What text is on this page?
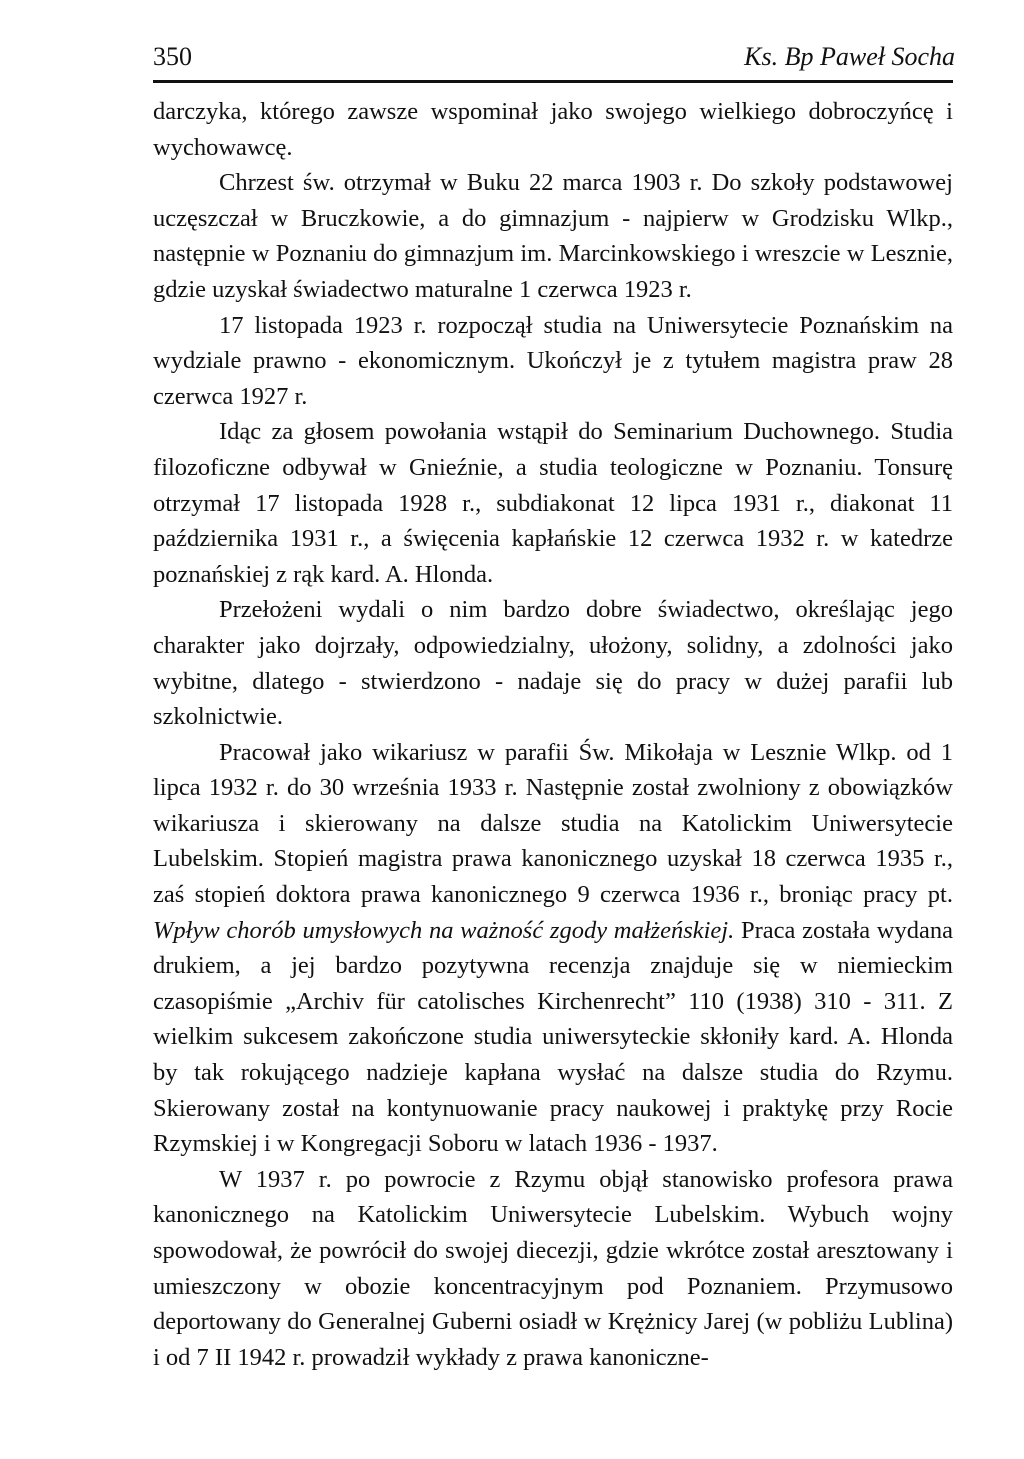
350	Ks. Bp Paweł Socha

darczyka, którego zawsze wspominał jako swojego wielkiego dobroczyńcę i wychowawcę.

Chrzest św. otrzymał w Buku 22 marca 1903 r. Do szkoły podstawowej uczęszczał w Bruczkowie, a do gimnazjum - najpierw w Grodzisku Wlkp., następnie w Poznaniu do gimnazjum im. Marcinkowskiego i wreszcie w Lesznie, gdzie uzyskał świadectwo maturalne 1 czerwca 1923 r.

17 listopada 1923 r. rozpoczął studia na Uniwersytecie Poznańskim na wydziale prawno - ekonomicznym. Ukończył je z tytułem magistra praw 28 czerwca 1927 r.

Idąc za głosem powołania wstąpił do Seminarium Duchownego. Studia filozoficzne odbywał w Gnieźnie, a studia teologiczne w Poznaniu. Tonsurę otrzymał 17 listopada 1928 r., subdiakonat 12 lipca 1931 r., diakonat 11 października 1931 r., a święcenia kapłańskie 12 czerwca 1932 r. w katedrze poznańskiej z rąk kard. A. Hlonda.

Przełożeni wydali o nim bardzo dobre świadectwo, określając jego charakter jako dojrzały, odpowiedzialny, ułożony, solidny, a zdolności jako wybitne, dlatego - stwierdzono - nadaje się do pracy w dużej parafii lub szkolnictwie.

Pracował jako wikariusz w parafii Św. Mikołaja w Lesznie Wlkp. od 1 lipca 1932 r. do 30 września 1933 r. Następnie został zwolniony z obowiązków wikariusza i skierowany na dalsze studia na Katolickim Uniwersytecie Lubelskim. Stopień magistra prawa kanonicznego uzyskał 18 czerwca 1935 r., zaś stopień doktora prawa kanonicznego 9 czerwca 1936 r., broniąc pracy pt. Wpływ chorób umysłowych na ważność zgody małżeńskiej. Praca została wydana drukiem, a jej bardzo pozytywna recenzja znajduje się w niemieckim czasopiśmie „Archiv für catolisches Kirchenrecht” 110 (1938) 310 - 311. Z wielkim sukcesem zakończone studia uniwersyteckie skłoniły kard. A. Hlonda by tak rokującego nadzieje kapłana wysłać na dalsze studia do Rzymu. Skierowany został na kontynuowanie pracy naukowej i praktykę przy Rocie Rzymskiej i w Kongregacji Soboru w latach 1936 - 1937.

W 1937 r. po powrocie z Rzymu objął stanowisko profesora prawa kanonicznego na Katolickim Uniwersytecie Lubelskim. Wybuch wojny spowodował, że powrócił do swojej diecezji, gdzie wkrótce został aresztowany i umieszczony w obozie koncentracyjnym pod Poznaniem. Przymusowo deportowany do Generalnej Guberni osiadł w Krężnicy Jarej (w pobliżu Lublina) i od 7 II 1942 r. prowadził wykłady z prawa kanoniczne-
